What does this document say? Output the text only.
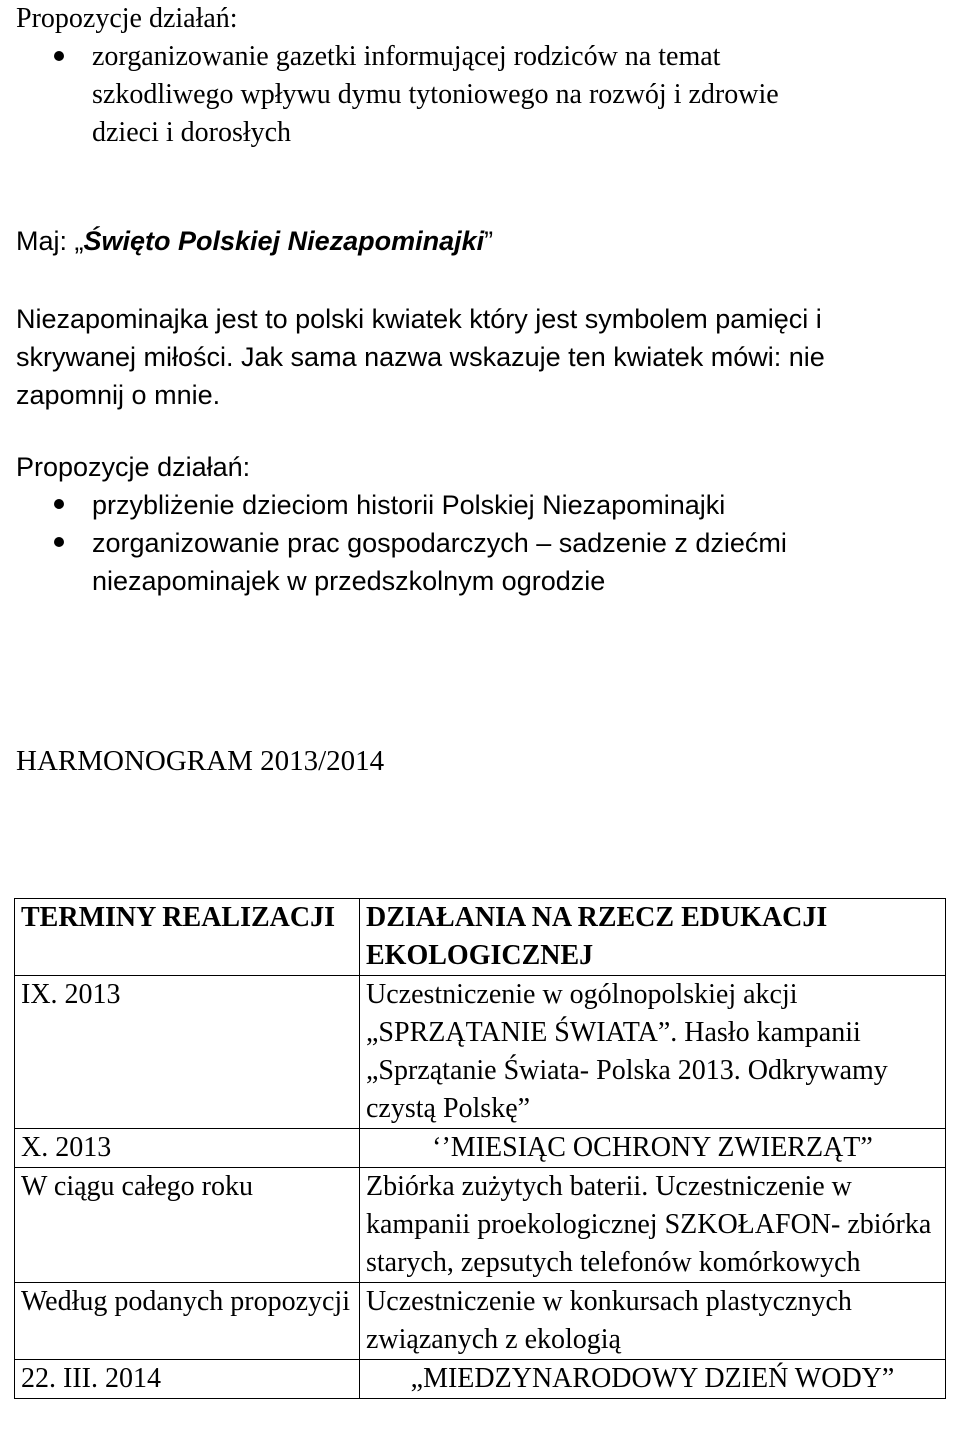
Propozycje działań:

zorganizowanie gazetki informującej rodziców na temat szkodliwego wpływu dymu tytoniowego na rozwój i zdrowie dzieci i dorosłych
Maj: „Święto Polskiej Niezapominajki”

Niezapominajka jest to polski kwiatek który jest symbolem pamięci i skrywanej miłości. Jak sama nazwa wskazuje ten kwiatek mówi: nie zapomnij o mnie.

Propozycje działań:

przybliżenie dzieciom historii Polskiej Niezapominajki
zorganizowanie prac gospodarczych – sadzenie z dziećmi niezapominajek w przedszkolnym ogrodzie
HARMONOGRAM 2013/2014
TERMINY REALIZACJI	DZIAŁANIA NA RZECZ EDUKACJI EKOLOGICZNEJ
IX. 2013	Uczestniczenie w ogólnopolskiej akcji „SPRZĄTANIE ŚWIATA”. Hasło kampanii „Sprzątanie Świata- Polska 2013. Odkrywamy czystą Polskę”
X. 2013	‘’MIESIĄC OCHRONY ZWIERZĄT”
W ciągu całego roku	Zbiórka zużytych baterii. Uczestniczenie w kampanii proekologicznej SZKOŁAFON- zbiórka starych, zepsutych telefonów komórkowych
Według podanych propozycji	Uczestniczenie w konkursach plastycznych związanych z ekologią
22. III. 2014	„MIEDZYNARODOWY DZIEŃ WODY”
